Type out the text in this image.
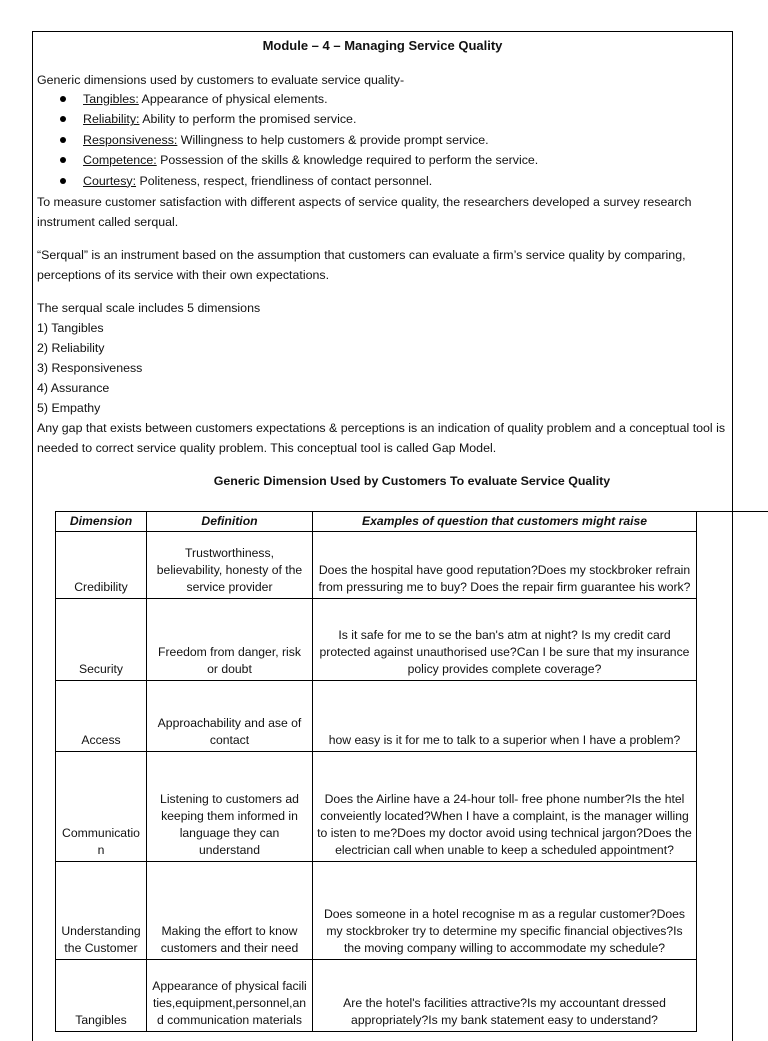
Module – 4 – Managing Service Quality
Generic dimensions used by customers to evaluate service quality-
Tangibles: Appearance of physical elements.
Reliability: Ability to perform the promised service.
Responsiveness: Willingness to help customers & provide prompt service.
Competence: Possession of the skills & knowledge required to perform the service.
Courtesy: Politeness, respect, friendliness of contact personnel.
To measure customer satisfaction with different aspects of service quality, the researchers developed a survey research instrument called serqual.
“Serqual” is an instrument based on the assumption that customers can evaluate a firm’s service quality by comparing, perceptions of its service with their own expectations.
The serqual scale includes 5 dimensions
1) Tangibles
2) Reliability
3) Responsiveness
4) Assurance
5) Empathy
Any gap that exists between customers expectations & perceptions is an indication of quality problem and a conceptual tool is needed to correct service quality problem. This conceptual tool is called Gap Model.
Generic Dimension Used by Customers To evaluate Service Quality
Dimension	Definition	Examples of question that customers might raise
Credibility	Trustworthiness, believability, honesty of the service provider	Does the hospital have good reputation?Does my stockbroker refrain from pressuring me to buy? Does the repair firm guarantee his work?
Security	Freedom from danger, risk or doubt	Is it safe for me to se the ban's atm at night? Is my credit card protected against unauthorised use?Can I be sure that my insurance policy provides complete coverage?
Access	Approachability and ase of contact	how easy is it for me to talk to a superior when I have a problem?
Communication	Listening to customers ad keeping them informed in language they can understand	Does the Airline have a 24-hour toll- free phone number?Is the htel conveiently located?When I have a complaint, is the manager willing to isten to me?Does my doctor avoid using technical jargon?Does the electrician call when unable to keep a scheduled appointment?
Understanding the Customer	Making the effort to know customers and their need	Does someone in a hotel recognise m as a regular customer?Does my stockbroker try to determine my specific financial objectives?Is the moving company willing to accommodate my schedule?
Tangibles	Appearance of physical facilities,equipment,personnel,and communication materials	Are the hotel's facilities attractive?Is my accountant dressed appropriately?Is my bank statement easy to understand?
